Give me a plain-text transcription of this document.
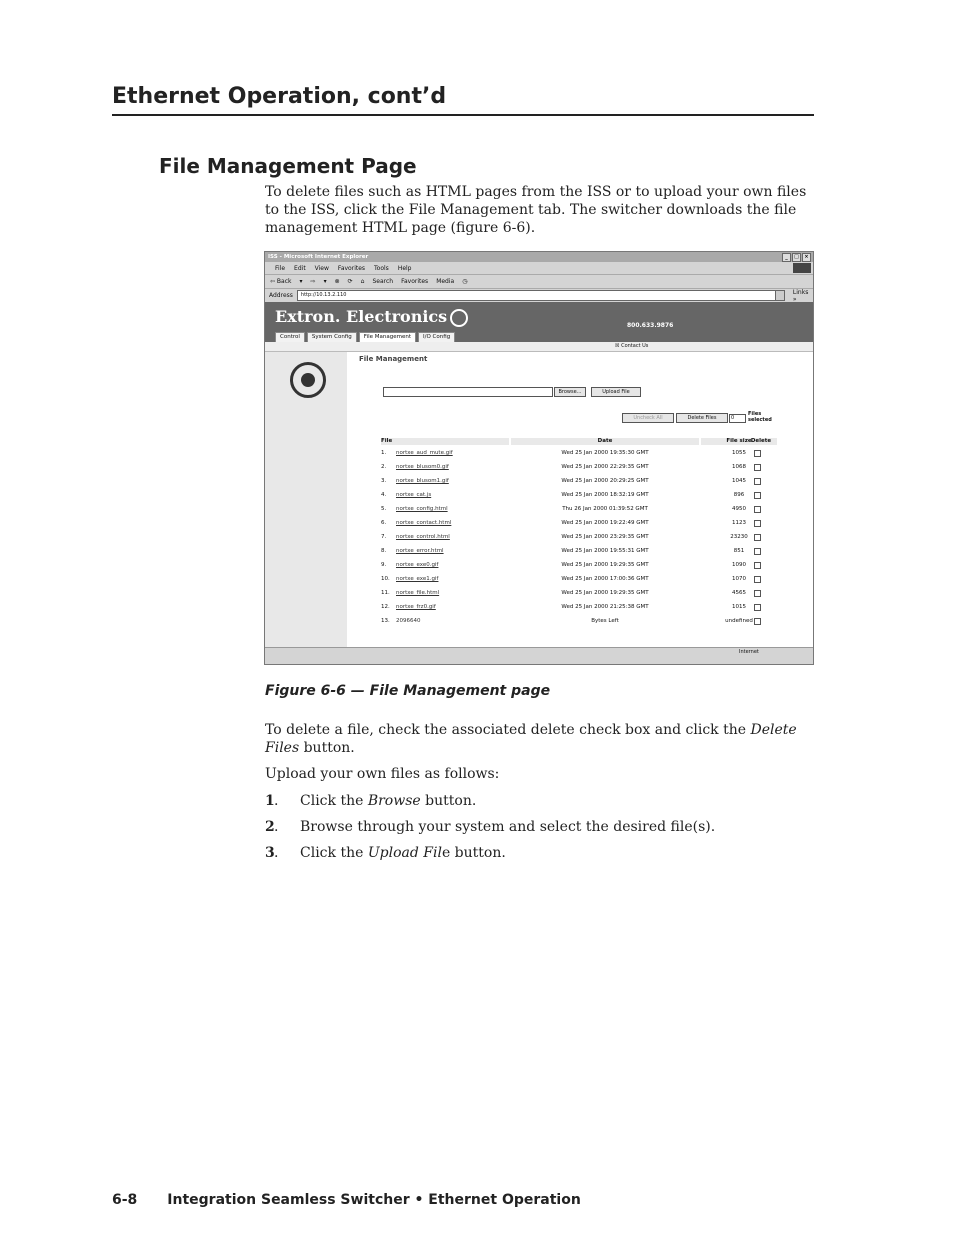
Ethernet Operation, cont’d
File Management Page
To delete files such as HTML pages from the ISS or to upload your own files to the ISS, click the File Management tab. The switcher downloads the file management HTML page (figure 6-6).
ISS - Microsoft Internet Explorer	_	□	×
File Edit View Favorites Tools Help
⇦ Back ▾ ⇨ ▾ ⊗ ⟳ ⌂ Search Favorites Media ◷
Address	http://10.13.2.110	Links »
Extron. Electronics	800.633.9876
Control	System Config	File Management	I/O Config
☒ Contact Us
File Management
Browse...	Upload File
Uncheck All	Delete Files	0
Files
selected
File	Date	File size Delete
1.	nortxe_aud_mute.gif	Wed 25 Jan 2000 19:35:30 GMT	1055
2.	nortxe_blusom0.gif	Wed 25 Jan 2000 22:29:35 GMT	1068
3.	nortxe_blusom1.gif	Wed 25 Jan 2000 20:29:25 GMT	1045
4.	nortxe_cat.js	Wed 25 Jan 2000 18:32:19 GMT	896
5.	nortxe_config.html	Thu 26 Jan 2000 01:39:52 GMT	4950
6.	nortxe_contact.html	Wed 25 Jan 2000 19:22:49 GMT	1123
7.	nortxe_control.html	Wed 25 Jan 2000 23:29:35 GMT	23230
8.	nortxe_error.html	Wed 25 Jan 2000 19:55:31 GMT	851
9.	nortxe_exe0.gif	Wed 25 Jan 2000 19:29:35 GMT	1090
10.	nortxe_exe1.gif	Wed 25 Jan 2000 17:00:36 GMT	1070
11.	nortxe_file.html	Wed 25 Jan 2000 19:29:35 GMT	4565
12.	nortxe_frz0.gif	Wed 25 Jan 2000 21:25:38 GMT	1015
13.	2096640	Bytes Left	undefined
Internet
Figure 6-6 — File Management page
To delete a file, check the associated delete check box and click the Delete Files button.
Upload your own files as follows:
1 . Click the Browse button.
2 . Browse through your system and select the desired file(s).
3 . Click the Upload File button.
6-8 Integration Seamless Switcher • Ethernet Operation
